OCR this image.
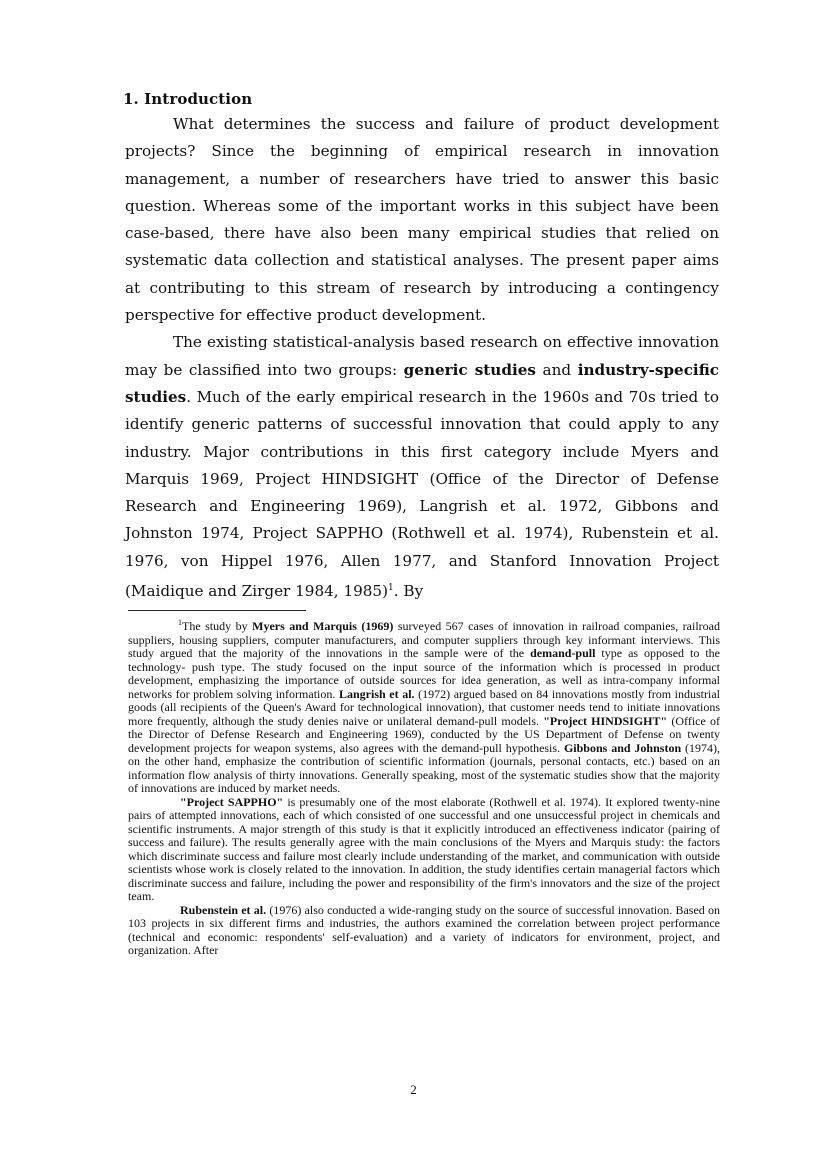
1. Introduction

What determines the success and failure of product development projects? Since the beginning of empirical research in innovation management, a number of researchers have tried to answer this basic question. Whereas some of the important works in this subject have been case-based, there have also been many empirical studies that relied on systematic data collection and statistical analyses. The present paper aims at contributing to this stream of research by introducing a contingency perspective for effective product development.

The existing statistical-analysis based research on effective innovation may be classified into two groups: generic studies and industry-specific studies. Much of the early empirical research in the 1960s and 70s tried to identify generic patterns of successful innovation that could apply to any industry. Major contributions in this first category include Myers and Marquis 1969, Project HINDSIGHT (Office of the Director of Defense Research and Engineering 1969), Langrish et al. 1972, Gibbons and Johnston 1974, Project SAPPHO (Rothwell et al. 1974), Rubenstein et al. 1976, von Hippel 1976, Allen 1977, and Stanford Innovation Project (Maidique and Zirger 1984, 1985)$^1$. By

$^1$The study by Myers and Marquis (1969) surveyed 567 cases of innovation in railroad companies, railroad suppliers, housing suppliers, computer manufacturers, and computer suppliers through key informant interviews. This study argued that the majority of the innovations in the sample were of the demand-pull type as opposed to the technology- push type. The study focused on the input source of the information which is processed in product development, emphasizing the importance of outside sources for idea generation, as well as intra-company informal networks for problem solving information. Langrish et al. (1972) argued based on 84 innovations mostly from industrial goods (all recipients of the Queen's Award for technological innovation), that customer needs tend to initiate innovations more frequently, although the study denies naive or unilateral demand-pull models. "Project HINDSIGHT" (Office of the Director of Defense Research and Engineering 1969), conducted by the US Department of Defense on twenty development projects for weapon systems, also agrees with the demand-pull hypothesis. Gibbons and Johnston (1974), on the other hand, emphasize the contribution of scientific information (journals, personal contacts, etc.) based on an information flow analysis of thirty innovations. Generally speaking, most of the systematic studies show that the majority of innovations are induced by market needs.

"Project SAPPHO" is presumably one of the most elaborate (Rothwell et al. 1974). It explored twenty-nine pairs of attempted innovations, each of which consisted of one successful and one unsuccessful project in chemicals and scientific instruments. A major strength of this study is that it explicitly introduced an effectiveness indicator (pairing of success and failure). The results generally agree with the main conclusions of the Myers and Marquis study: the factors which discriminate success and failure most clearly include understanding of the market, and communication with outside scientists whose work is closely related to the innovation. In addition, the study identifies certain managerial factors which discriminate success and failure, including the power and responsibility of the firm's innovators and the size of the project team.

Rubenstein et al. (1976) also conducted a wide-ranging study on the source of successful innovation. Based on 103 projects in six different firms and industries, the authors examined the correlation between project performance (technical and economic: respondents' self-evaluation) and a variety of indicators for environment, project, and organization. After

2
